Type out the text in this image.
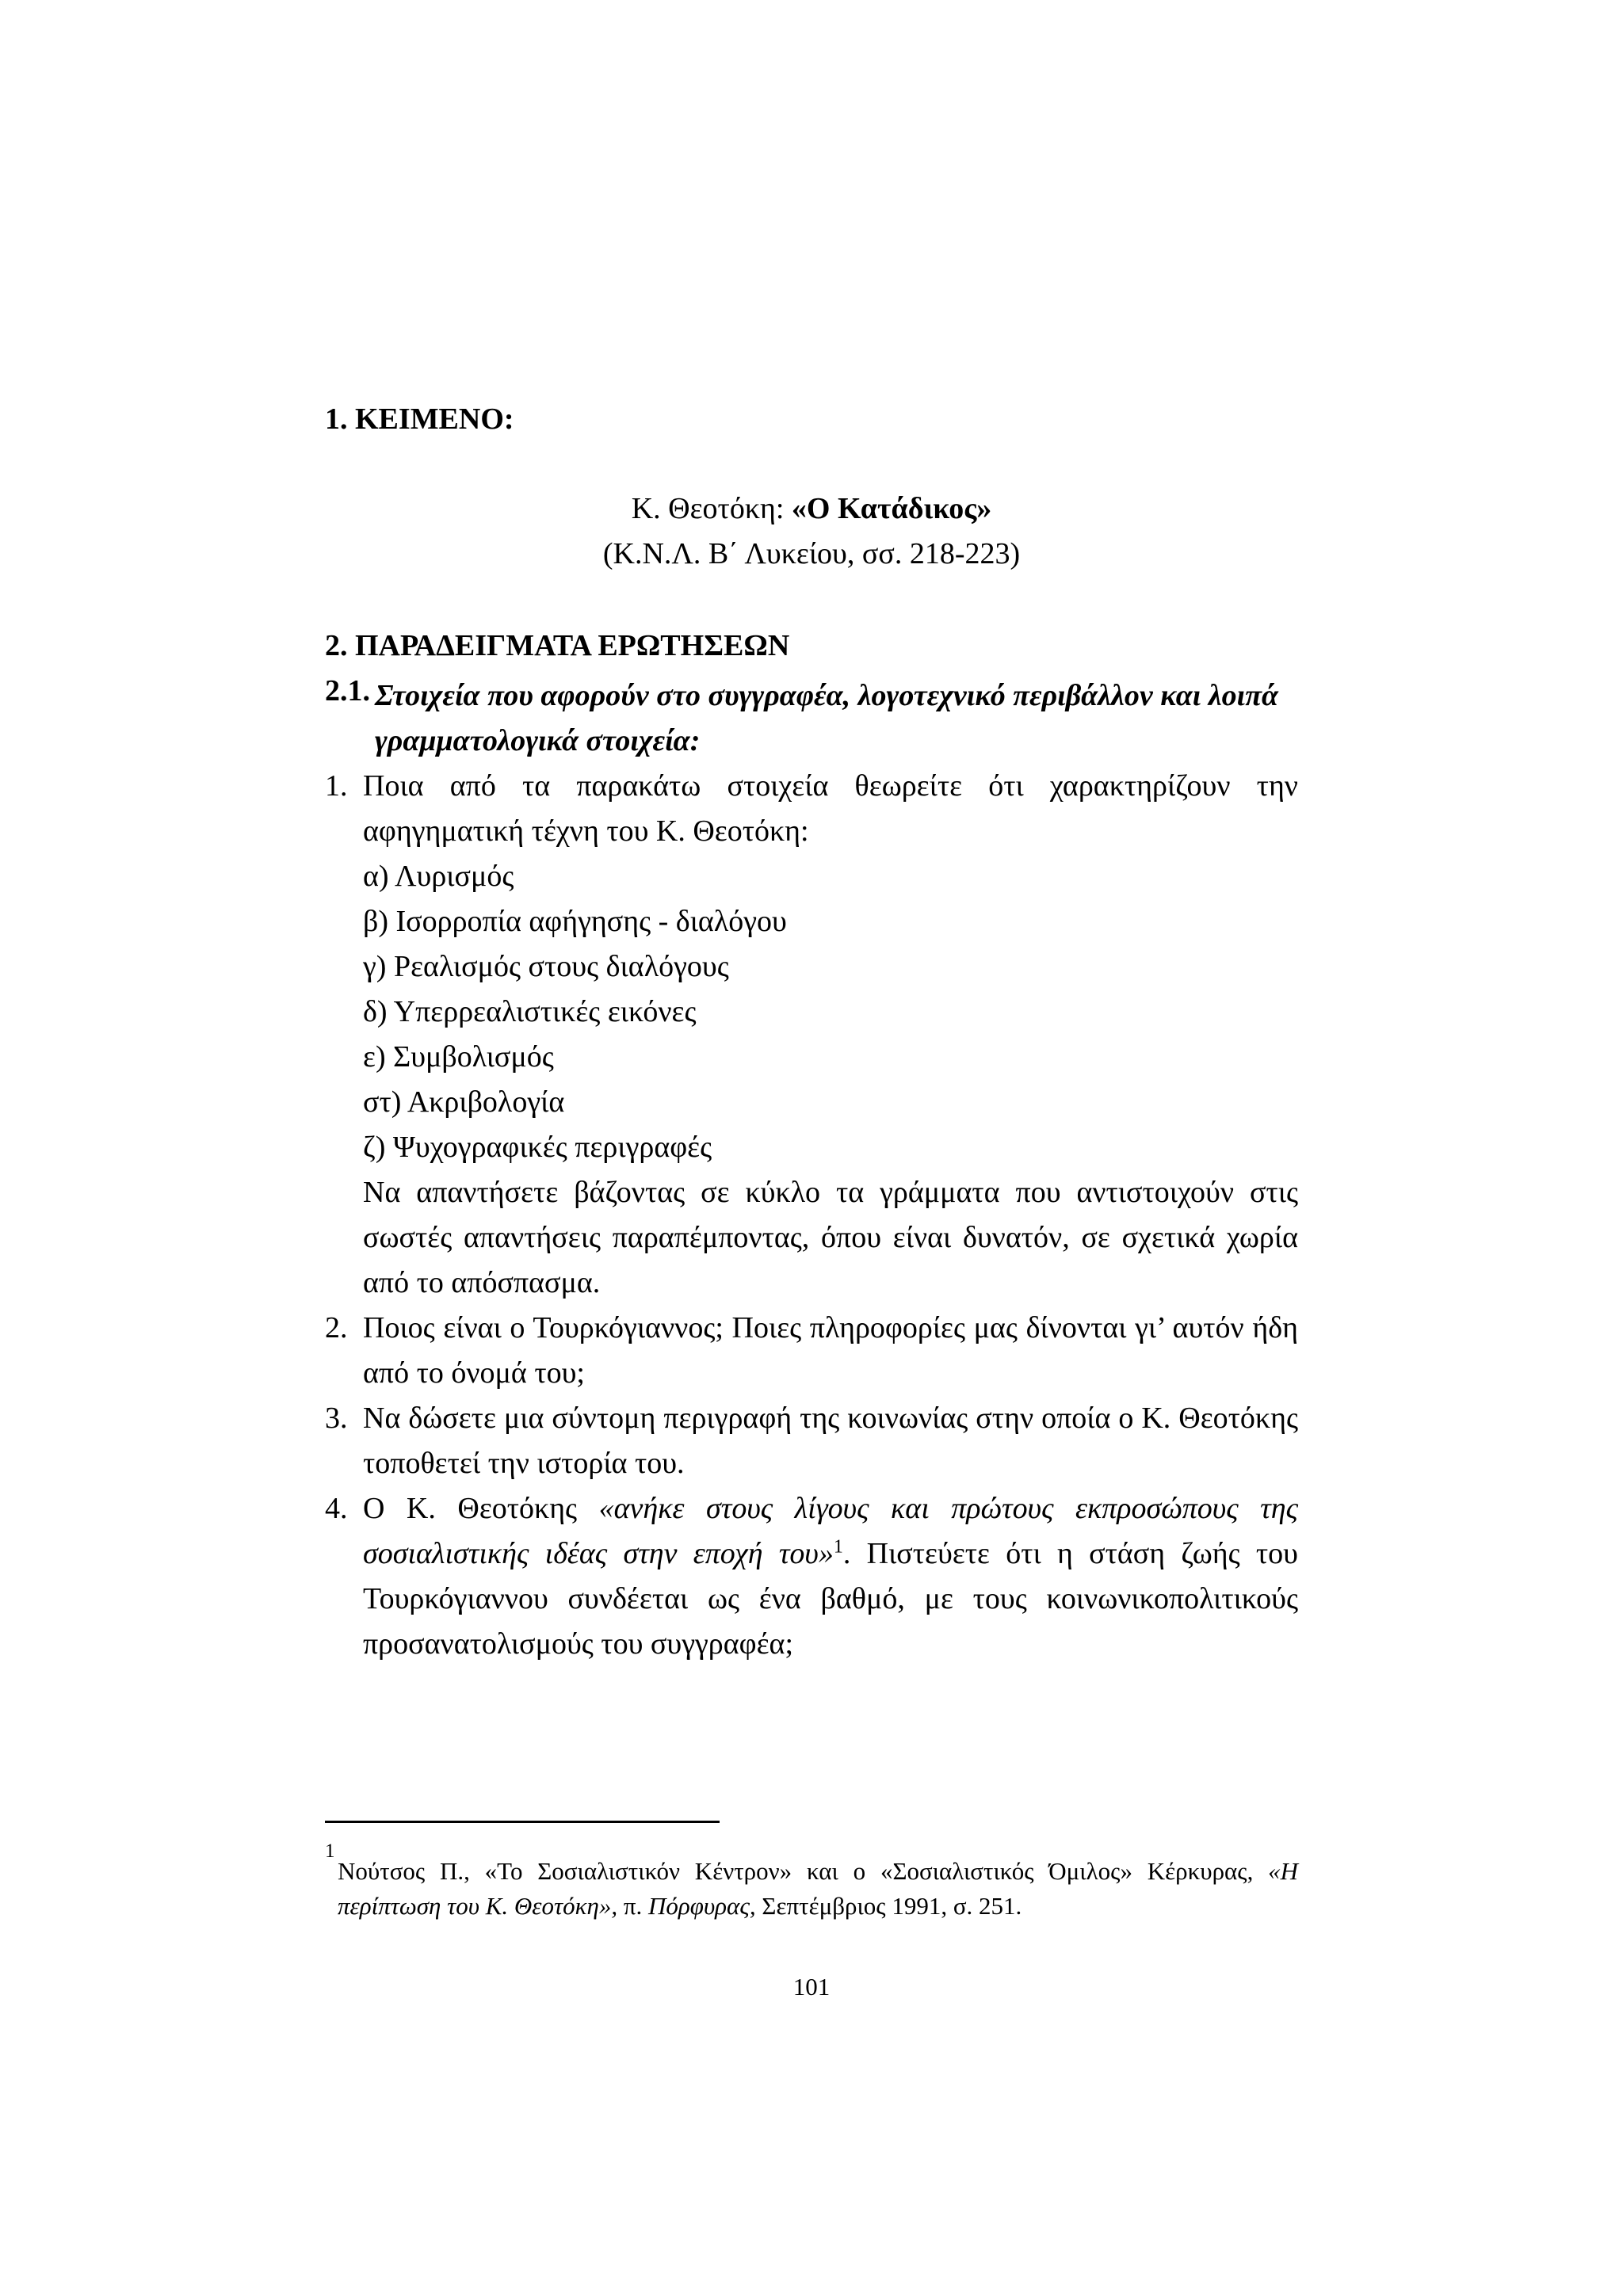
1. ΚΕΙΜΕΝΟ:
Κ. Θεοτόκη: «Ο Κατάδικος»
(Κ.Ν.Λ. Β΄ Λυκείου, σσ. 218-223)
2. ΠΑΡΑΔΕΙΓΜΑΤΑ ΕΡΩΤΗΣΕΩΝ
2.1. Στοιχεία που αφορούν στο συγγραφέα, λογοτεχνικό περιβάλλον και λοιπά γραμματολογικά στοιχεία:
1. Ποια από τα παρακάτω στοιχεία θεωρείτε ότι χαρακτηρίζουν την αφηγηματική τέχνη του Κ. Θεοτόκη:
α) Λυρισμός
β) Ισορροπία αφήγησης - διαλόγου
γ) Ρεαλισμός στους διαλόγους
δ) Υπερρεαλιστικές εικόνες
ε) Συμβολισμός
στ) Ακριβολογία
ζ) Ψυχογραφικές περιγραφές
Να απαντήσετε βάζοντας σε κύκλο τα γράμματα που αντιστοιχούν στις σωστές απαντήσεις παραπέμποντας, όπου είναι δυνατόν, σε σχετικά χωρία από το απόσπασμα.
2. Ποιος είναι ο Τουρκόγιαννος; Ποιες πληροφορίες μας δίνονται γι’ αυτόν ήδη από το όνομά του;
3. Να δώσετε μια σύντομη περιγραφή της κοινωνίας στην οποία ο Κ. Θεοτόκης τοποθετεί την ιστορία του.
4. Ο Κ. Θεοτόκης «ανήκε στους λίγους και πρώτους εκπροσώπους της σοσιαλιστικής ιδέας στην εποχή του»$^1$. Πιστεύετε ότι η στάση ζωής του Τουρκόγιαννου συνδέεται ως ένα βαθμό, με τους κοινωνικοπολιτικούς προσανατολισμούς του συγγραφέα;
1
Νούτσος Π., «Το Σοσιαλιστικόν Κέντρον» και ο «Σοσιαλιστικός Όμιλος» Κέρκυρας, «Η περίπτωση του Κ. Θεοτόκη», π. Πόρφυρας, Σεπτέμβριος 1991, σ. 251.
101
